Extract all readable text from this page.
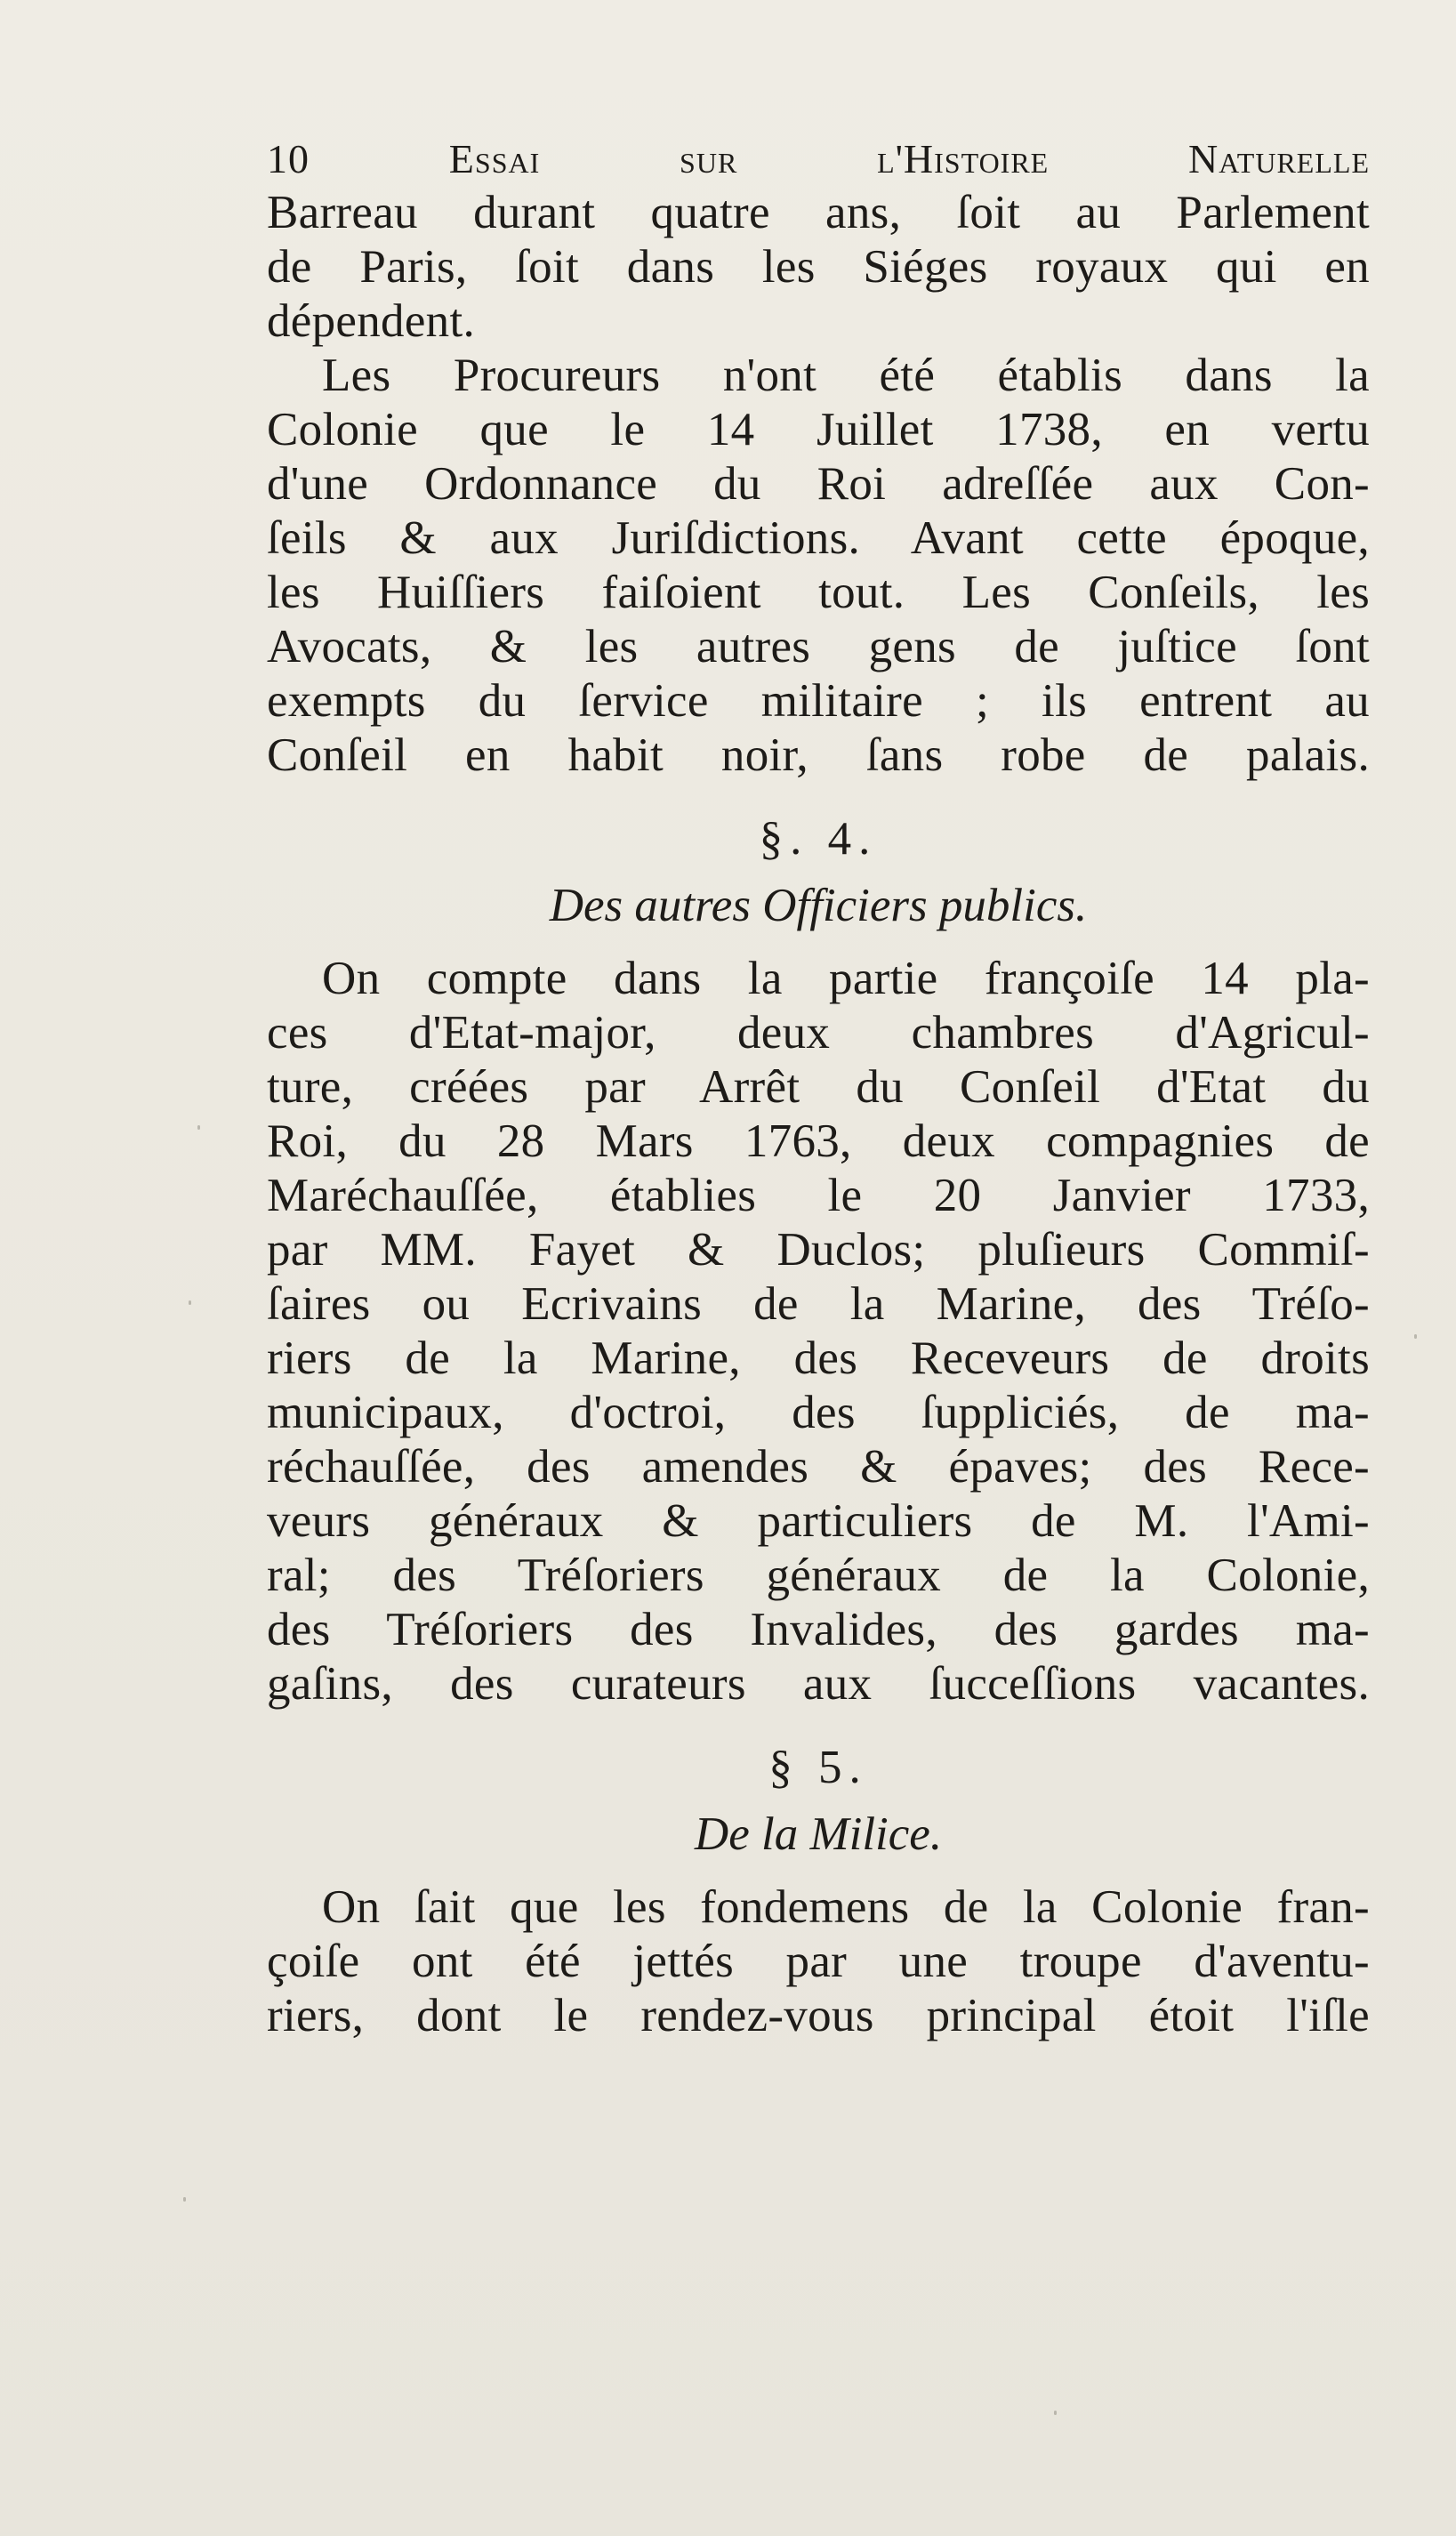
10	Essai sur l'Histoire Naturelle
Barreau durant quatre ans, ſoit au Parlement
de Paris, ſoit dans les Siéges royaux qui en
dépendent.
Les Procureurs n'ont été établis dans la
Colonie que le 14 Juillet 1738, en vertu
d'une Ordonnance du Roi adreſſée aux Con-
ſeils & aux Juriſdictions. Avant cette époque,
les Huiſſiers faiſoient tout. Les Conſeils, les
Avocats, & les autres gens de juſtice ſont
exempts du ſervice militaire ; ils entrent au
Conſeil en habit noir, ſans robe de palais.
§. 4.
Des autres Officiers publics.
On compte dans la partie françoiſe 14 pla-
ces d'Etat-major, deux chambres d'Agricul-
ture, créées par Arrêt du Conſeil d'Etat du
Roi, du 28 Mars 1763, deux compagnies de
Maréchauſſée, établies le 20 Janvier 1733,
par MM. Fayet & Duclos; pluſieurs Commiſ-
ſaires ou Ecrivains de la Marine, des Tréſo-
riers de la Marine, des Receveurs de droits
municipaux, d'octroi, des ſuppliciés, de ma-
réchauſſée, des amendes & épaves; des Rece-
veurs généraux & particuliers de M. l'Ami-
ral; des Tréſoriers généraux de la Colonie,
des Tréſoriers des Invalides, des gardes ma-
gaſins, des curateurs aux ſucceſſions vacantes.
§ 5.
De la Milice.
On ſait que les fondemens de la Colonie fran-
çoiſe ont été jettés par une troupe d'aventu-
riers, dont le rendez-vous principal étoit l'iſle
